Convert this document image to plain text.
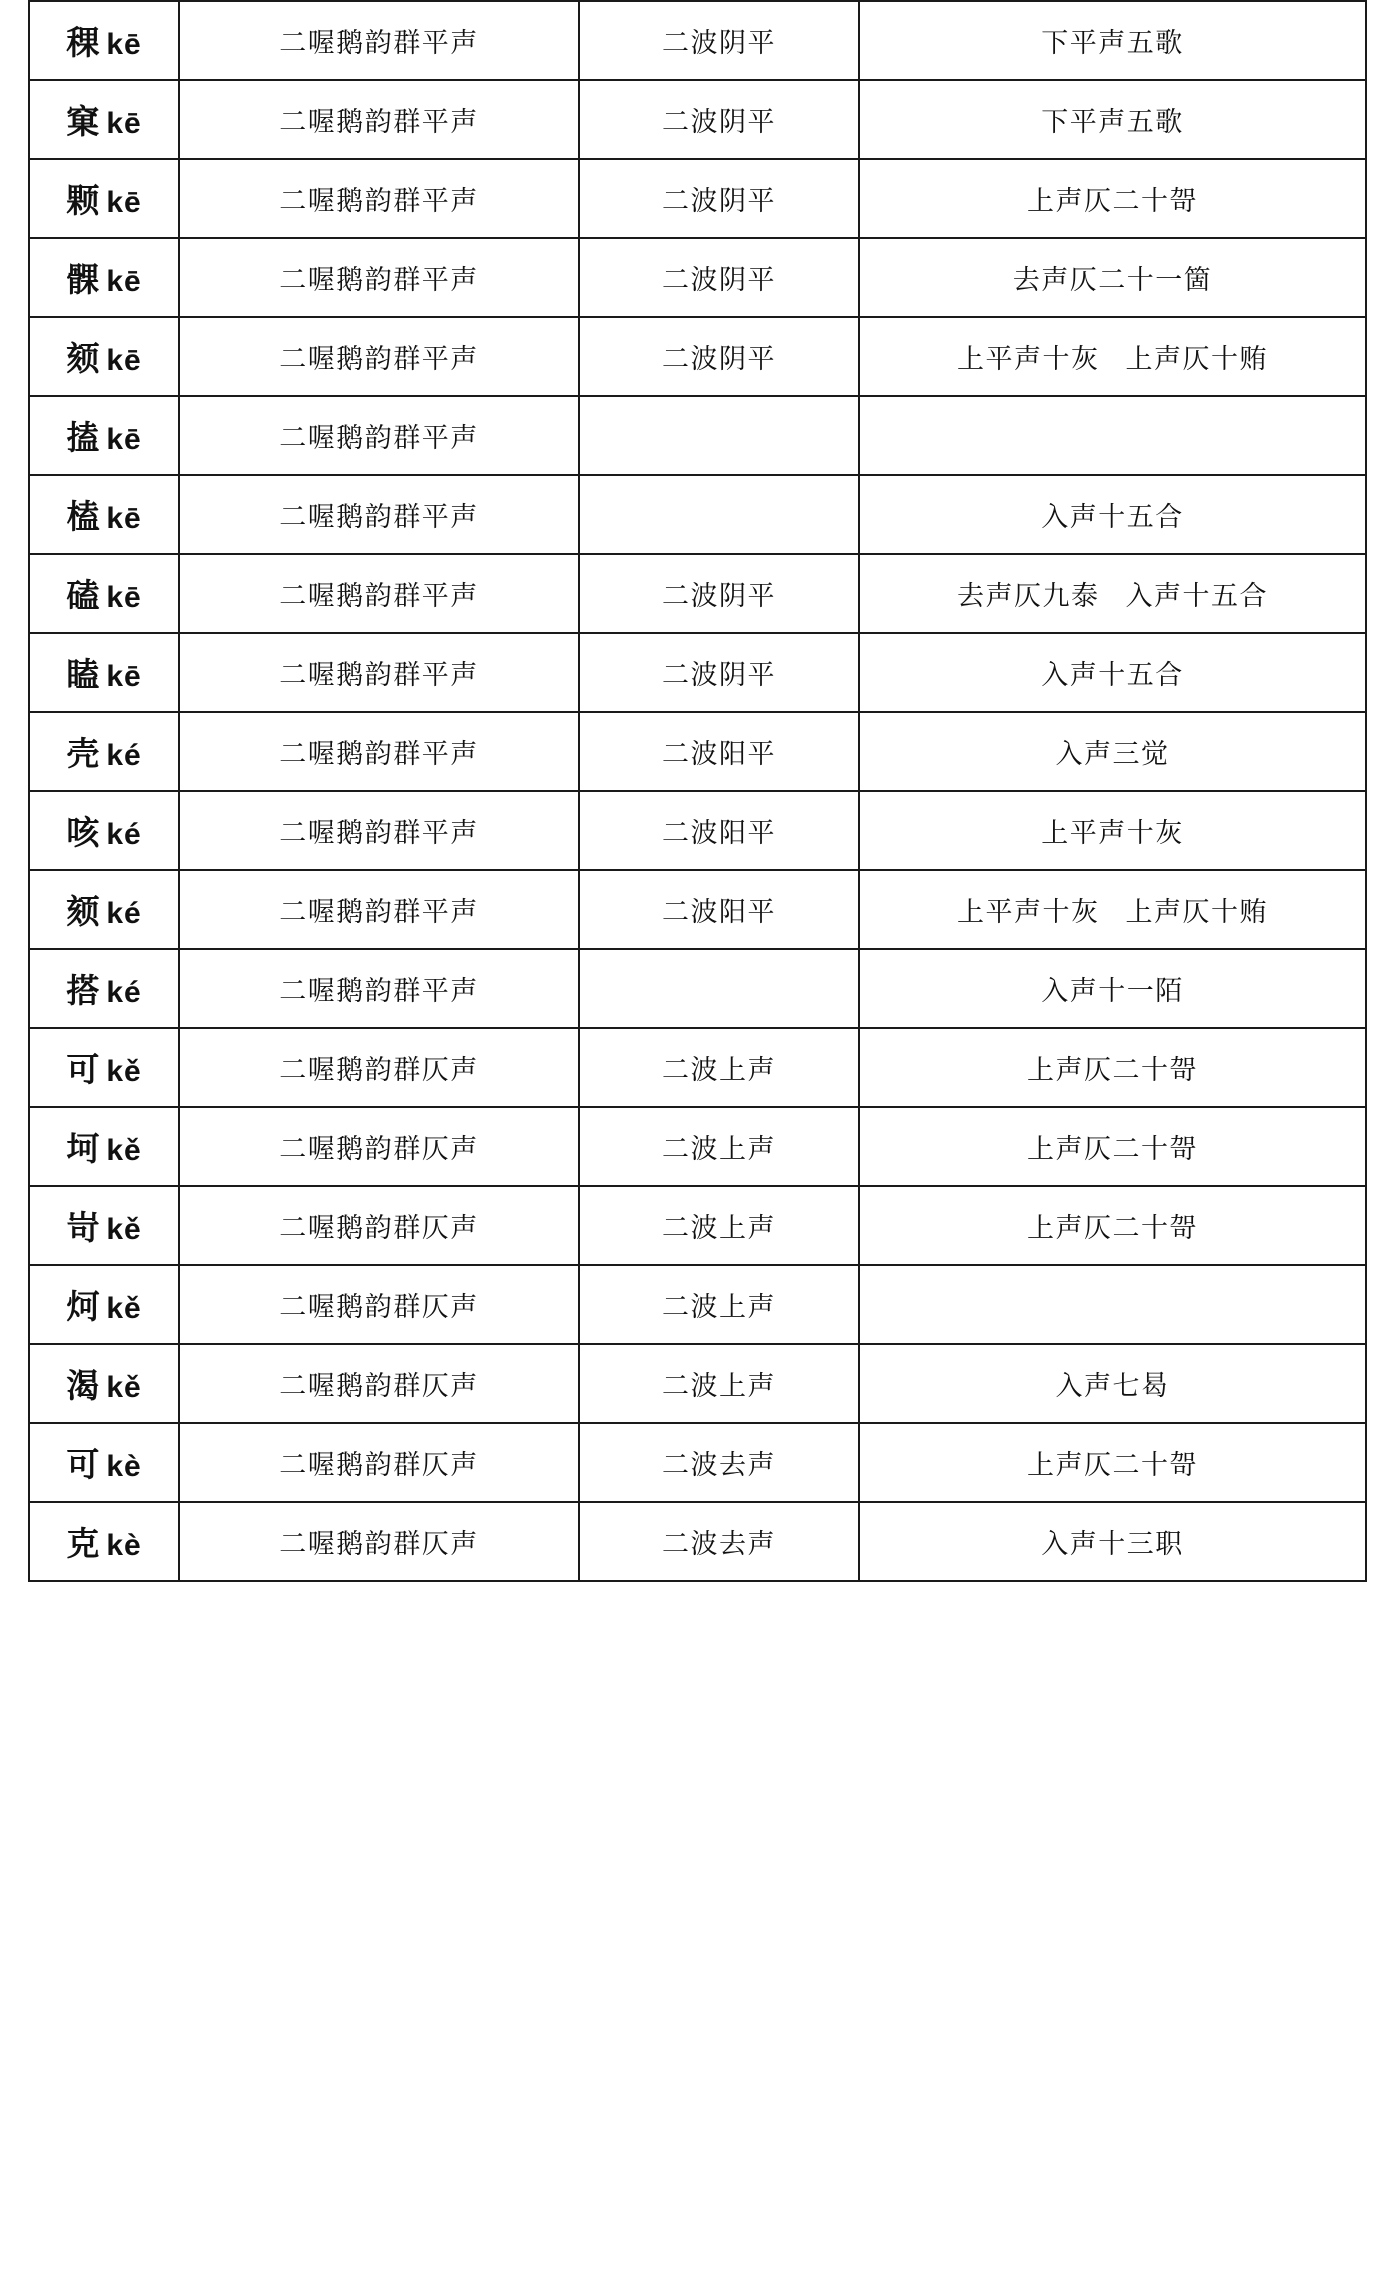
稞 kē	二喔鹅韵群平声	二波阴平	下平声五歌
窠 kē	二喔鹅韵群平声	二波阴平	下平声五歌
颗 kē	二喔鹅韵群平声	二波阴平	上声仄二十哿
髁 kē	二喔鹅韵群平声	二波阴平	去声仄二十一箇
颏 kē	二喔鹅韵群平声	二波阴平	上平声十灰 上声仄十贿
搕 kē	二喔鹅韵群平声		
榼 kē	二喔鹅韵群平声		入声十五合
磕 kē	二喔鹅韵群平声	二波阴平	去声仄九泰 入声十五合
瞌 kē	二喔鹅韵群平声	二波阴平	入声十五合
壳 ké	二喔鹅韵群平声	二波阳平	入声三觉
咳 ké	二喔鹅韵群平声	二波阳平	上平声十灰
颏 ké	二喔鹅韵群平声	二波阳平	上平声十灰 上声仄十贿
搭 ké	二喔鹅韵群平声		入声十一陌
可 kě	二喔鹅韵群仄声	二波上声	上声仄二十哿
坷 kě	二喔鹅韵群仄声	二波上声	上声仄二十哿
岢 kě	二喔鹅韵群仄声	二波上声	上声仄二十哿
炣 kě	二喔鹅韵群仄声	二波上声	
渴 kě	二喔鹅韵群仄声	二波上声	入声七曷
可 kè	二喔鹅韵群仄声	二波去声	上声仄二十哿
克 kè	二喔鹅韵群仄声	二波去声	入声十三职
